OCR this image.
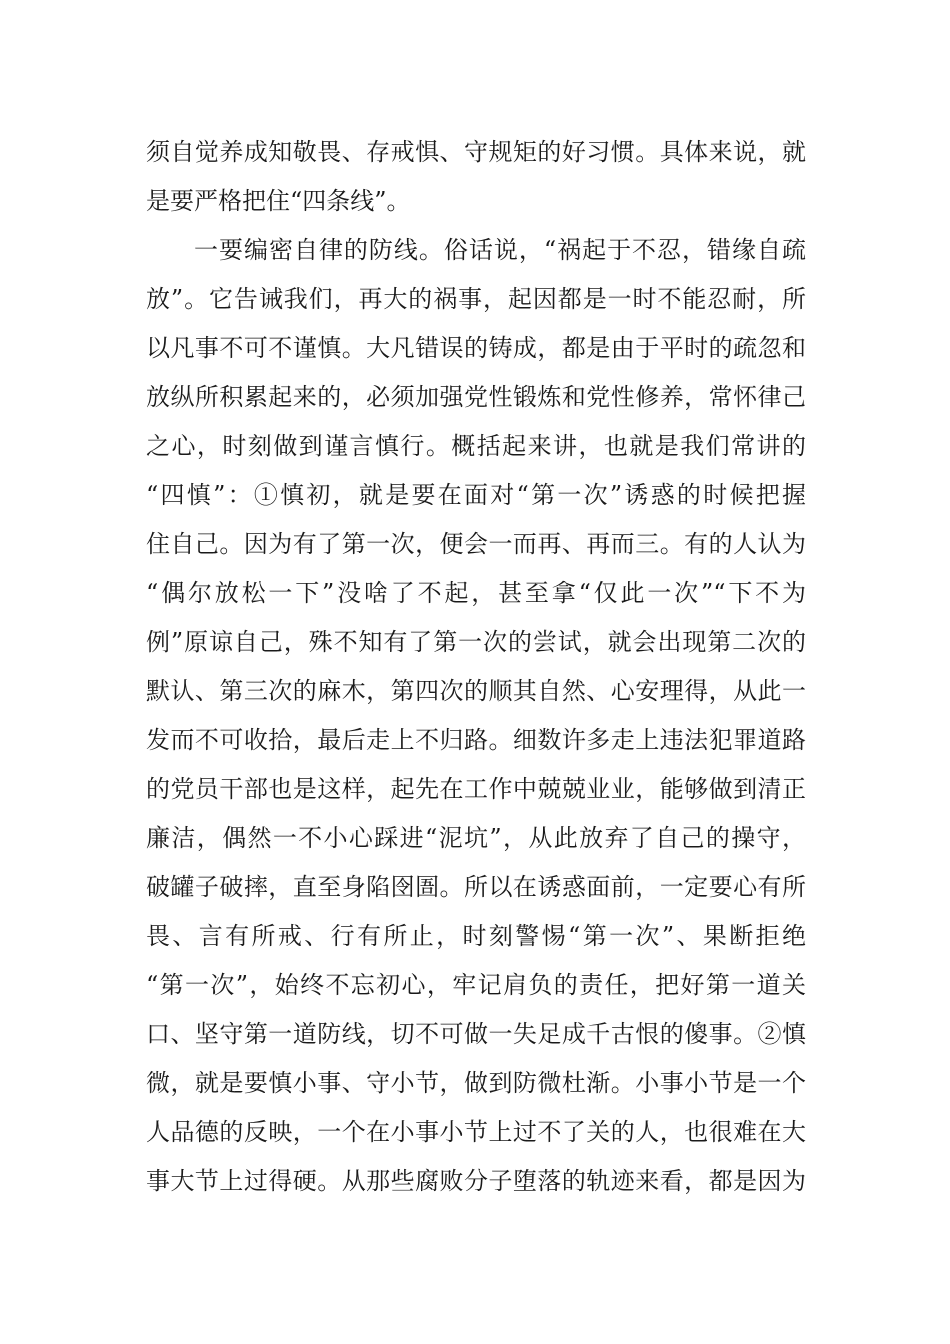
须自觉养成知敬畏、存戒惧、守规矩的好习惯。具体来说，就
是要严格把住“四条线”。
一要编密自律的防线。俗话说，“祸起于不忍，错缘自疏
放”。它告诫我们，再大的祸事，起因都是一时不能忍耐，所
以凡事不可不谨慎。大凡错误的铸成，都是由于平时的疏忽和
放纵所积累起来的，必须加强党性锻炼和党性修养，常怀律己
之心，时刻做到谨言慎行。概括起来讲，也就是我们常讲的
“四慎”：①慎初，就是要在面对“第一次”诱惑的时候把握
住自己。因为有了第一次，便会一而再、再而三。有的人认为
“偶尔放松一下”没啥了不起，甚至拿“仅此一次”“下不为
例”原谅自己，殊不知有了第一次的尝试，就会出现第二次的
默认、第三次的麻木，第四次的顺其自然、心安理得，从此一
发而不可收拾，最后走上不归路。细数许多走上违法犯罪道路
的党员干部也是这样，起先在工作中兢兢业业，能够做到清正
廉洁，偶然一不小心踩进“泥坑”，从此放弃了自己的操守，
破罐子破摔，直至身陷囹圄。所以在诱惑面前，一定要心有所
畏、言有所戒、行有所止，时刻警惕“第一次”、果断拒绝
“第一次”，始终不忘初心，牢记肩负的责任，把好第一道关
口、坚守第一道防线，切不可做一失足成千古恨的傻事。②慎
微，就是要慎小事、守小节，做到防微杜渐。小事小节是一个
人品德的反映，一个在小事小节上过不了关的人，也很难在大
事大节上过得硬。从那些腐败分子堕落的轨迹来看，都是因为
